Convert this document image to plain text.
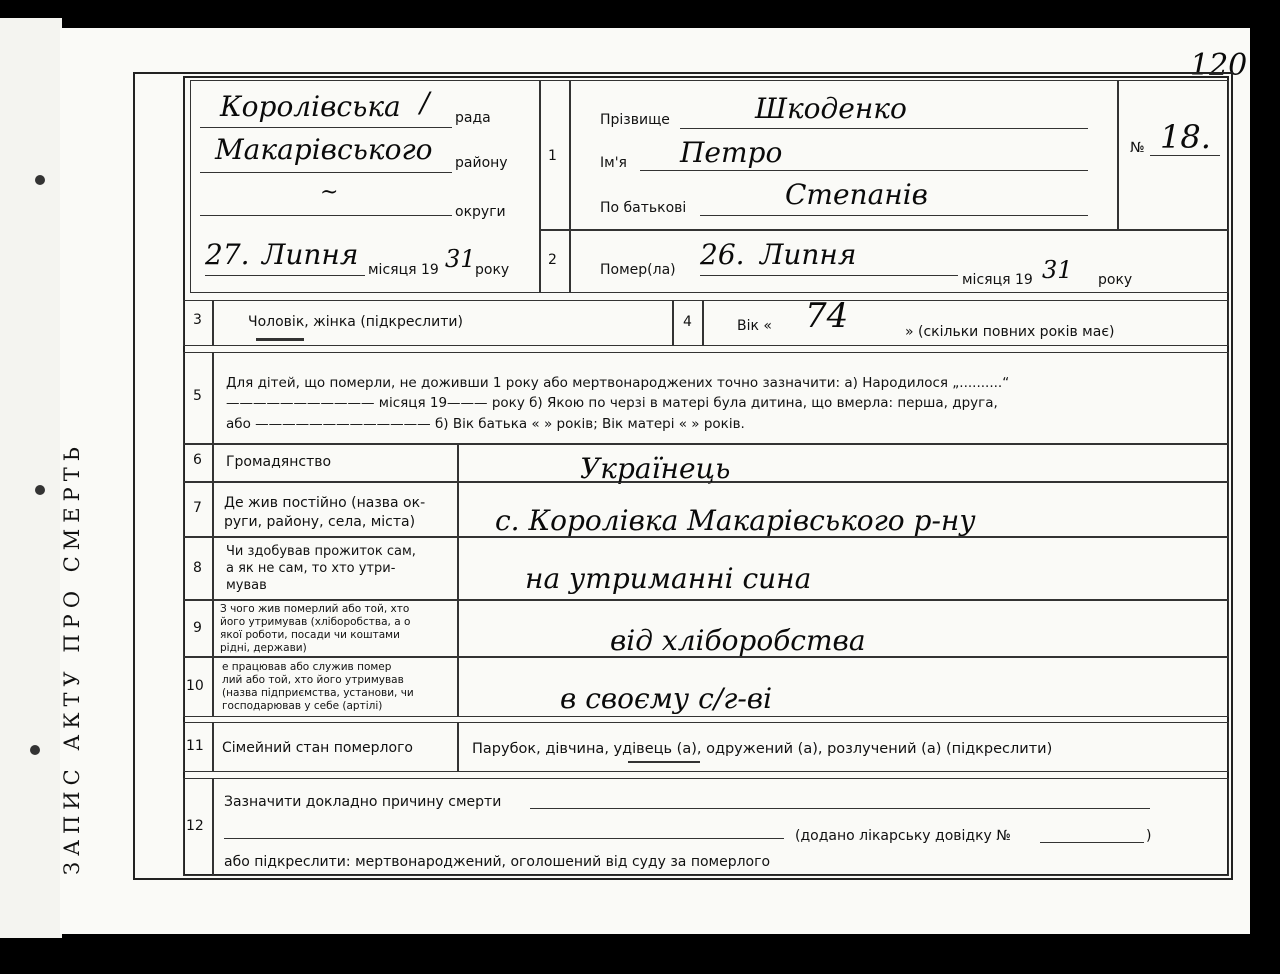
120
ЗАПИС АКТУ ПРО СМЕРТЬ
Королівська / рада
Макарівського району
~
округи
27. Липня місяця 19 31 року
1
Прізвище	Шкоденко
Ім'я Петро
По батькові	Степанів
№ 18.
2
Помер(ла) 26. Липня
місяця 19 31 року
3	Чоловік, жінка (підкреслити)	4	Вік « 74	» (скільки повних років має)
5
Для дітей, що померли, не доживши 1 року або мертвонароджених точно зазначити: а) Народилося „..........“
——————————— місяця 19——— року б) Якою по черзі в матері була дитина, що вмерла: перша, друга,
або ————————————— б) Вік батька « » років; Вік матері « » років.
6 Громадянство	Українець
7 Де жив постійно (назва ок-
руги, району, села, міста)	с. Королівка Макарівського р-ну
8
Чи здобував прожиток сам,
а як не сам, то хто утри-
мував	на утриманні сина
9
З чого жив померлий або той, хто
його утримував (хліборобства, а о
якої роботи, посади чи коштами
рідні, держави)	від хліборобства
10
е працював або служив помер
лий або той, хто його утримував
(назва підприємства, установи, чи
господарював у себе (артілі)	в своєму с/г-ві
11 Сімейний стан померлого	Парубок, дівчина, удівець (а), одружений (а), розлучений (а) (підкреслити)
12
Зазначити докладно причину смерти
(додано лікарську довідку №	)
або підкреслити: мертвонароджений, оголошений від суду за померлого
